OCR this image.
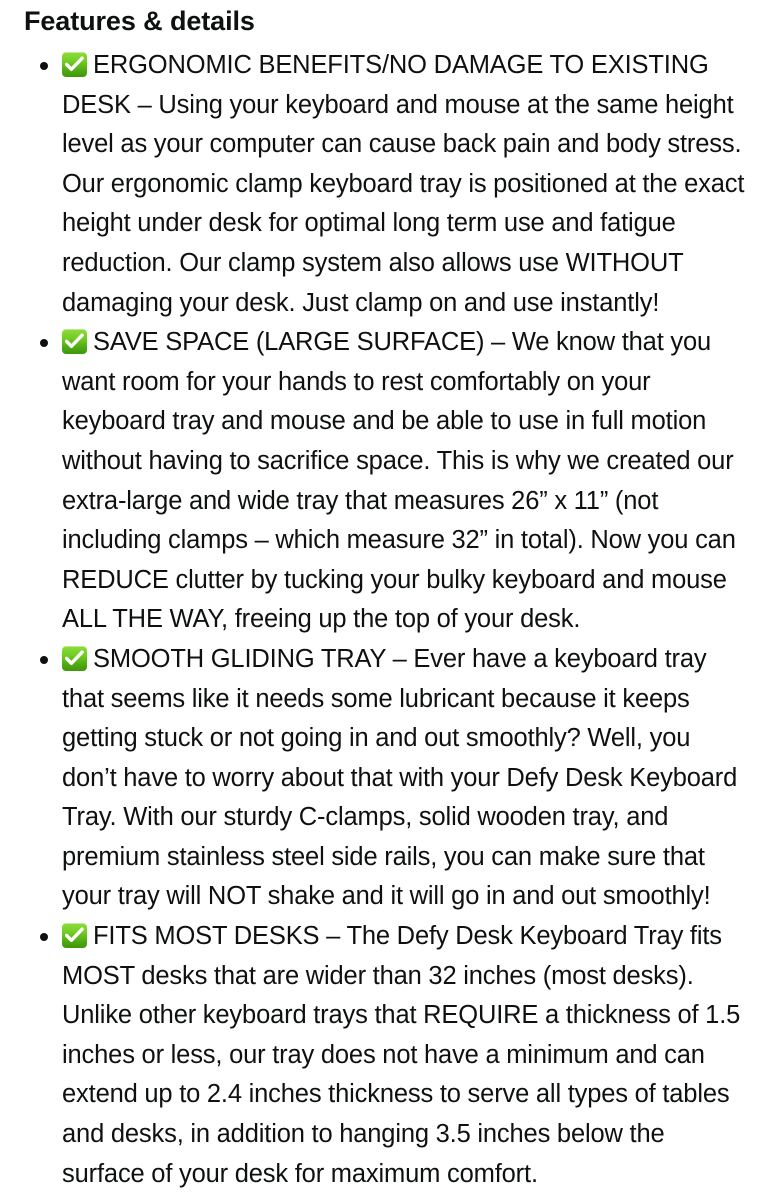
Features & details
ERGONOMIC BENEFITS/NO DAMAGE TO EXISTING DESK – Using your keyboard and mouse at the same height level as your computer can cause back pain and body stress. Our ergonomic clamp keyboard tray is positioned at the exact height under desk for optimal long term use and fatigue reduction. Our clamp system also allows use WITHOUT damaging your desk. Just clamp on and use instantly!
SAVE SPACE (LARGE SURFACE) – We know that you want room for your hands to rest comfortably on your keyboard tray and mouse and be able to use in full motion without having to sacrifice space. This is why we created our extra-large and wide tray that measures 26” x 11” (not including clamps – which measure 32” in total). Now you can REDUCE clutter by tucking your bulky keyboard and mouse ALL THE WAY, freeing up the top of your desk.
SMOOTH GLIDING TRAY – Ever have a keyboard tray that seems like it needs some lubricant because it keeps getting stuck or not going in and out smoothly? Well, you don’t have to worry about that with your Defy Desk Keyboard Tray. With our sturdy C-clamps, solid wooden tray, and premium stainless steel side rails, you can make sure that your tray will NOT shake and it will go in and out smoothly!
FITS MOST DESKS – The Defy Desk Keyboard Tray fits MOST desks that are wider than 32 inches (most desks). Unlike other keyboard trays that REQUIRE a thickness of 1.5 inches or less, our tray does not have a minimum and can extend up to 2.4 inches thickness to serve all types of tables and desks, in addition to hanging 3.5 inches below the surface of your desk for maximum comfort.
